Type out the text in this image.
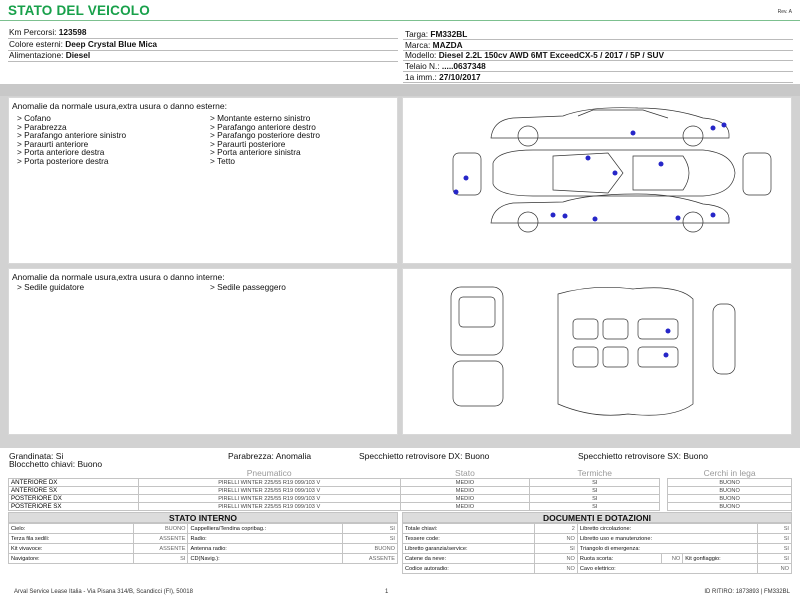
STATO DEL VEICOLO	Rev. A
Km Percorsi: 123598
Colore esterni: Deep Crystal Blue Mica
Alimentazione: Diesel
Targa: FM332BL
Marca: MAZDA
Modello: Diesel 2.2L 150cv AWD 6MT ExceedCX-5 / 2017 / 5P / SUV
Telaio N.: .....0637348
1a imm.: 27/10/2017
Anomalie da normale usura,extra usura o danno esterne:
> Cofano
> Parabrezza
> Parafango anteriore sinistro
> Paraurti anteriore
> Porta anteriore destra
> Porta posteriore destra
> Montante esterno sinistro
> Parafango anteriore destro
> Parafango posteriore destro
> Paraurti posteriore
> Porta anteriore sinistra
> Tetto
Anomalie da normale usura,extra usura o danno interne:
> Sedile guidatore	> Sedile passeggero
Grandinata: Si	Parabrezza: Anomalia	Specchietto retrovisore DX: Buono	Specchietto retrovisore SX: Buono
Blocchetto chiavi: Buono
	Pneumatico	Stato	Termiche		Cerchi in lega
ANTERIORE DX	PIRELLI WINTER 225/55 R19 099/103 V	MEDIO	SI		BUONO
ANTERIORE SX	PIRELLI WINTER 225/55 R19 099/103 V	MEDIO	SI		BUONO
POSTERIORE DX	PIRELLI WINTER 225/55 R19 099/103 V	MEDIO	SI		BUONO
POSTERIORE SX	PIRELLI WINTER 225/55 R19 099/103 V	MEDIO	SI		BUONO
STATO INTERNO
Cielo:	BUONO	Cappelliera/Tendina copribag.:	SI
Terza fila sedili:	ASSENTE	Radio:	SI
Kit vivavoce:	ASSENTE	Antenna radio:	BUONO
Navigatore:	SI	CD(Navig.):	ASSENTE
DOCUMENTI E DOTAZIONI
Totale chiavi:	2	Libretto circolazione:			SI
Tessere code:	NO	Libretto uso e manutenzione:			SI
Libretto garanzia/service:	SI	Triangolo di emergenza:			SI
Catene da neve:	NO	Ruota scorta:	NO	Kit gonfiaggio:	SI
Codice autoradio:	NO	Cavo elettrico:			NO
Arval Service Lease Italia - Via Pisana 314/B, Scandicci (FI), 50018	1	ID RITIRO: 1873893 | FM332BL
